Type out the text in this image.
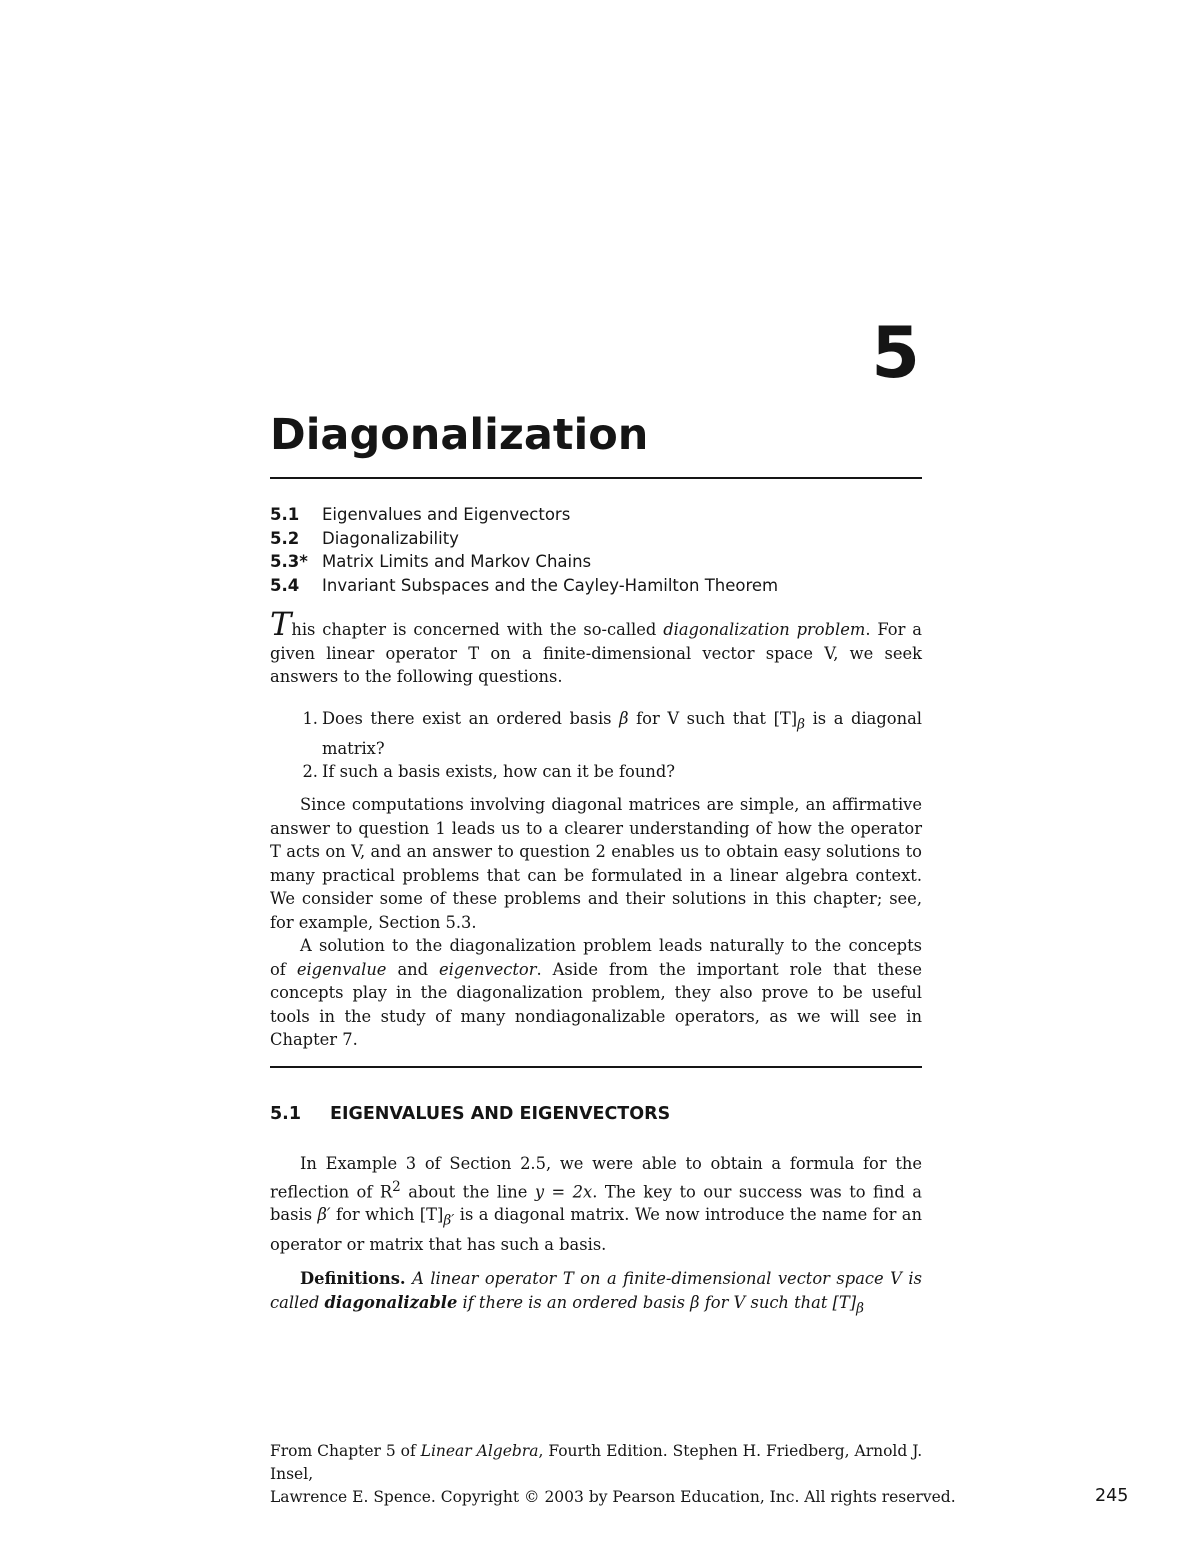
5
Diagonalization
5.1	Eigenvalues and Eigenvectors
5.2	Diagonalizability
5.3* Matrix Limits and Markov Chains
5.4	Invariant Subspaces and the Cayley-Hamilton Theorem
This chapter is concerned with the so-called diagonalization problem. For a given linear operator T on a finite-dimensional vector space V, we seek answers to the following questions.
1. Does there exist an ordered basis β for V such that $[T]_\beta$ is a diagonal matrix?
2. If such a basis exists, how can it be found?
Since computations involving diagonal matrices are simple, an affirmative answer to question 1 leads us to a clearer understanding of how the operator T acts on V, and an answer to question 2 enables us to obtain easy solutions to many practical problems that can be formulated in a linear algebra context. We consider some of these problems and their solutions in this chapter; see, for example, Section 5.3.
A solution to the diagonalization problem leads naturally to the concepts of eigenvalue and eigenvector. Aside from the important role that these concepts play in the diagonalization problem, they also prove to be useful tools in the study of many nondiagonalizable operators, as we will see in Chapter 7.
5.1 EIGENVALUES AND EIGENVECTORS
In Example 3 of Section 2.5, we were able to obtain a formula for the reflection of $R^2$ about the line y = 2x. The key to our success was to find a basis β′ for which $[T]_{\beta'}$ is a diagonal matrix. We now introduce the name for an operator or matrix that has such a basis.
Definitions. A linear operator T on a finite-dimensional vector space V is called diagonalizable if there is an ordered basis β for V such that $[T]_\beta$
From Chapter 5 of Linear Algebra, Fourth Edition. Stephen H. Friedberg, Arnold J. Insel,
Lawrence E. Spence. Copyright © 2003 by Pearson Education, Inc. All rights reserved.	245
